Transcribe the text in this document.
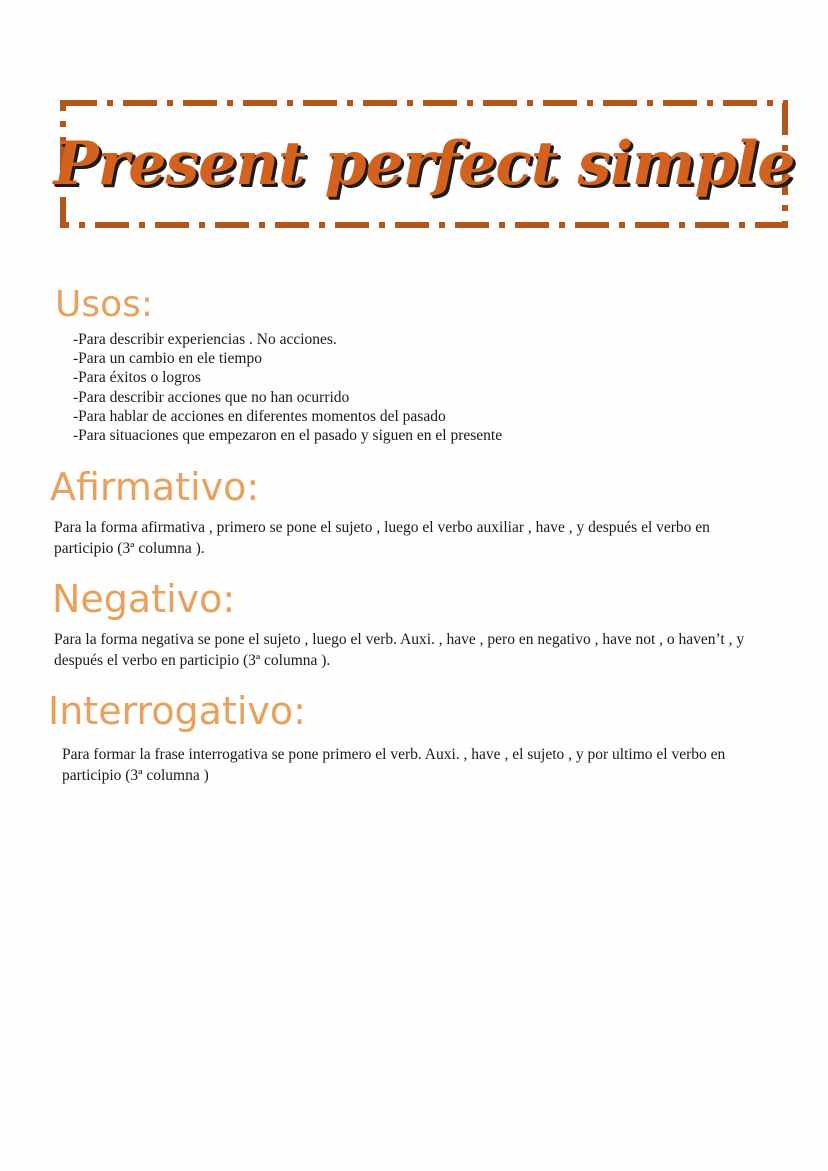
Present perfect simple
Usos:
-Para describir experiencias . No acciones.
-Para un cambio en ele tiempo
-Para éxitos o logros
-Para describir acciones que no han ocurrido
-Para hablar de acciones en diferentes momentos del pasado
-Para situaciones que empezaron en el pasado y siguen en el presente
Afirmativo:

Para la forma afirmativa , primero se pone el sujeto , luego el verbo auxiliar , have , y después el verbo en participio (3ª columna ).

Negativo:

Para la forma negativa se pone el sujeto , luego el verb. Auxi. , have , pero en negativo , have not , o haven’t , y después el verbo en participio (3ª columna ).

Interrogativo:

Para formar la frase interrogativa se pone primero el verb. Auxi. , have , el sujeto , y por ultimo el verbo en participio (3ª columna )
